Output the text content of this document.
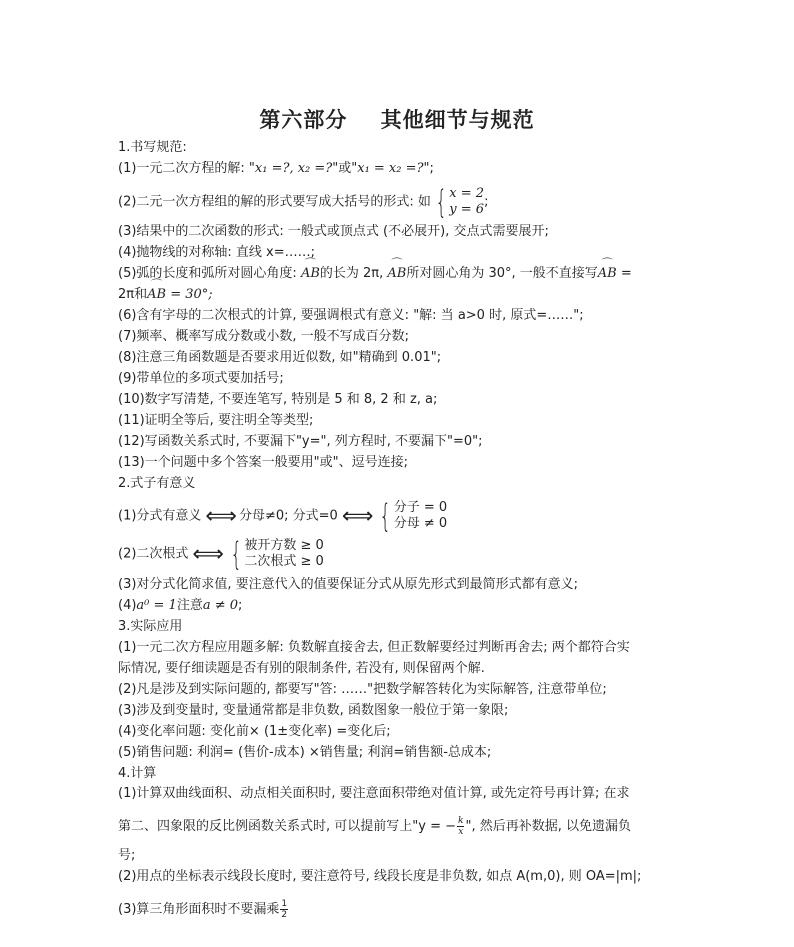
第六部分    其他细节与规范
1.书写规范:
(1)一元二次方程的解: "x₁ =?, x₂ =?"或"x₁ = x₂ =?";
(2)二元一次方程组的解的形式要写成大括号的形式: 如 { x = 2
y = 6 ;
(3)结果中的二次函数的形式: 一般式或顶点式 (不必展开), 交点式需要展开;
(4)抛物线的对称轴: 直线 x=……;
(5)弧的长度和弧所对圆心角度: ⌒ AB的长为 2π, ⌒ AB所对圆心角为 30°, 一般不直接写⌒ AB =
2π和⌒ AB = 30°;
(6)含有字母的二次根式的计算, 要强调根式有意义: "解: 当 a>0 时, 原式=……";
(7)频率、概率写成分数或小数, 一般不写成百分数;
(8)注意三角函数题是否要求用近似数, 如"精确到 0.01";
(9)带单位的多项式要加括号;
(10)数字写清楚, 不要连笔写, 特别是 5 和 8, 2 和 z, a;
(11)证明全等后, 要注明全等类型;
(12)写函数关系式时, 不要漏下"y=", 列方程时, 不要漏下"=0";
(13)一个问题中多个答案一般要用"或"、逗号连接;
2.式子有意义
(1)分式有意义 ⟺ 分母≠0; 分式=0 ⟺ { 分子 = 0
分母 ≠ 0
(2)二次根式 ⟺ { 被开方数 ≥ 0
二次根式 ≥ 0
(3)对分式化简求值, 要注意代入的值要保证分式从原先形式到最简形式都有意义;
(4)a⁰ = 1注意a ≠ 0;
3.实际应用
(1)一元二次方程应用题多解: 负数解直接舍去, 但正数解要经过判断再舍去; 两个都符合实
际情况, 要仔细读题是否有别的限制条件, 若没有, 则保留两个解.
(2)凡是涉及到实际问题的, 都要写"答: ……"把数学解答转化为实际解答, 注意带单位;
(3)涉及到变量时, 变量通常都是非负数, 函数图象一般位于第一象限;
(4)变化率问题: 变化前× (1±变化率) =变化后;
(5)销售问题: 利润= (售价-成本) ×销售量; 利润=销售额-总成本;
4.计算
(1)计算双曲线面积、动点相关面积时, 要注意面积带绝对值计算, 或先定符号再计算; 在求
第二、四象限的反比例函数关系式时, 可以提前写上"y = − $\frac{k}{x}$ ", 然后再补数据, 以免遗漏负
号;
(2)用点的坐标表示线段长度时, 要注意符号, 线段长度是非负数, 如点 A(m,0), 则 OA=|m|;
(3)算三角形面积时不要漏乘 $\frac{1}{2}$
